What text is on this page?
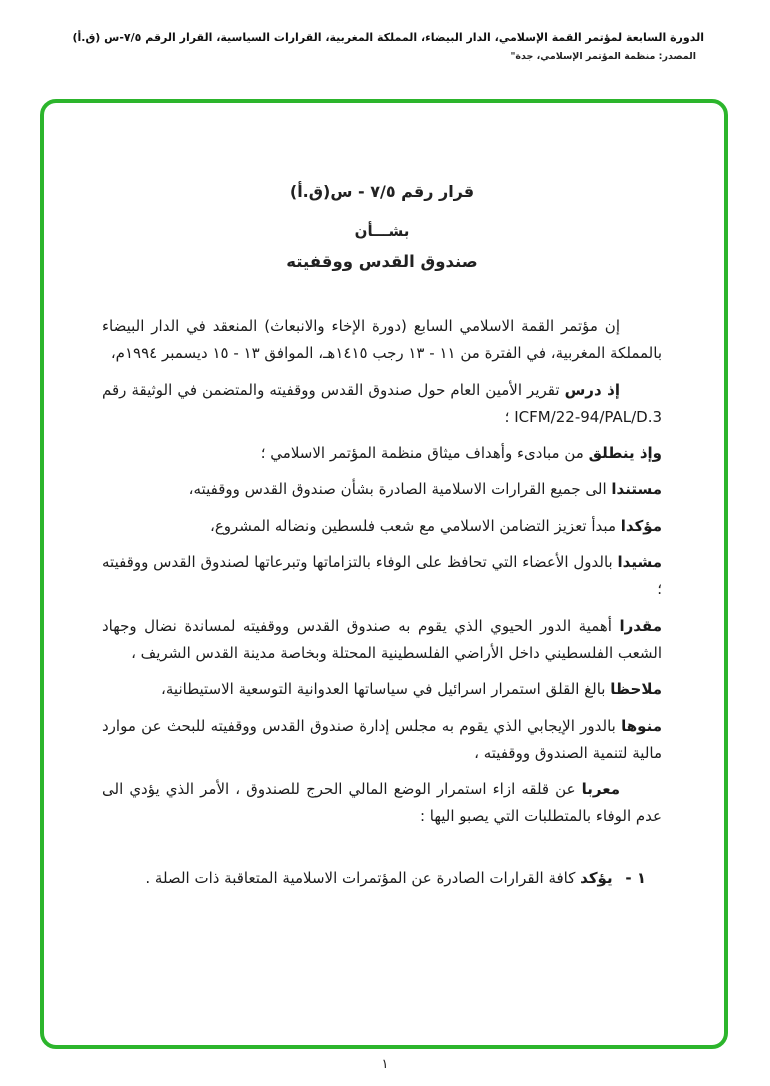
الدورة السابعة لمؤتمر القمة الإسلامي، الدار البيضاء، المملكة المغربية، القرارات السياسية، القرار الرقم ٧/٥-س (ق.أ)
المصدر: منظمة المؤتمر الإسلامي، جدة"
قرار رقم ٧/٥ - س(ق.أ)
بشـــأن
صندوق القدس ووقفيته

إن مؤتمر القمة الاسلامي السابع (دورة الإخاء والانبعاث) المنعقد في الدار البيضاء بالمملكة المغربية، في الفترة من ١١ - ١٣ رجب ١٤١٥هـ، الموافق ١٣ - ١٥ ديسمبر ١٩٩٤م،

إذ درس تقرير الأمين العام حول صندوق القدس ووقفيته والمتضمن في الوثيقة رقم ICFM/22-94/PAL/D.3 ؛

وإذ ينطلق من مبادىء وأهداف ميثاق منظمة المؤتمر الاسلامي ؛

مستندا الى جميع القرارات الاسلامية الصادرة بشأن صندوق القدس ووقفيته،

مؤكدا مبدأ تعزيز التضامن الاسلامي مع شعب فلسطين ونضاله المشروع،

مشيدا بالدول الأعضاء التي تحافظ على الوفاء بالتزاماتها وتبرعاتها لصندوق القدس ووقفيته ؛

مقدرا أهمية الدور الحيوي الذي يقوم به صندوق القدس ووقفيته لمساندة نضال وجهاد الشعب الفلسطيني داخل الأراضي الفلسطينية المحتلة وبخاصة مدينة القدس الشريف ،

ملاحظا بالغ القلق استمرار اسرائيل في سياساتها العدوانية التوسعية الاستيطانية،

منوها بالدور الإيجابي الذي يقوم به مجلس إدارة صندوق القدس ووقفيته للبحث عن موارد مالية لتنمية الصندوق ووقفيته ،

معربا عن قلقه ازاء استمرار الوضع المالي الحرج للصندوق ، الأمر الذي يؤدي الى عدم الوفاء بالمتطلبات التي يصبو اليها :

١ - يؤكد كافة القرارات الصادرة عن المؤتمرات الاسلامية المتعاقبة ذات الصلة .
١
